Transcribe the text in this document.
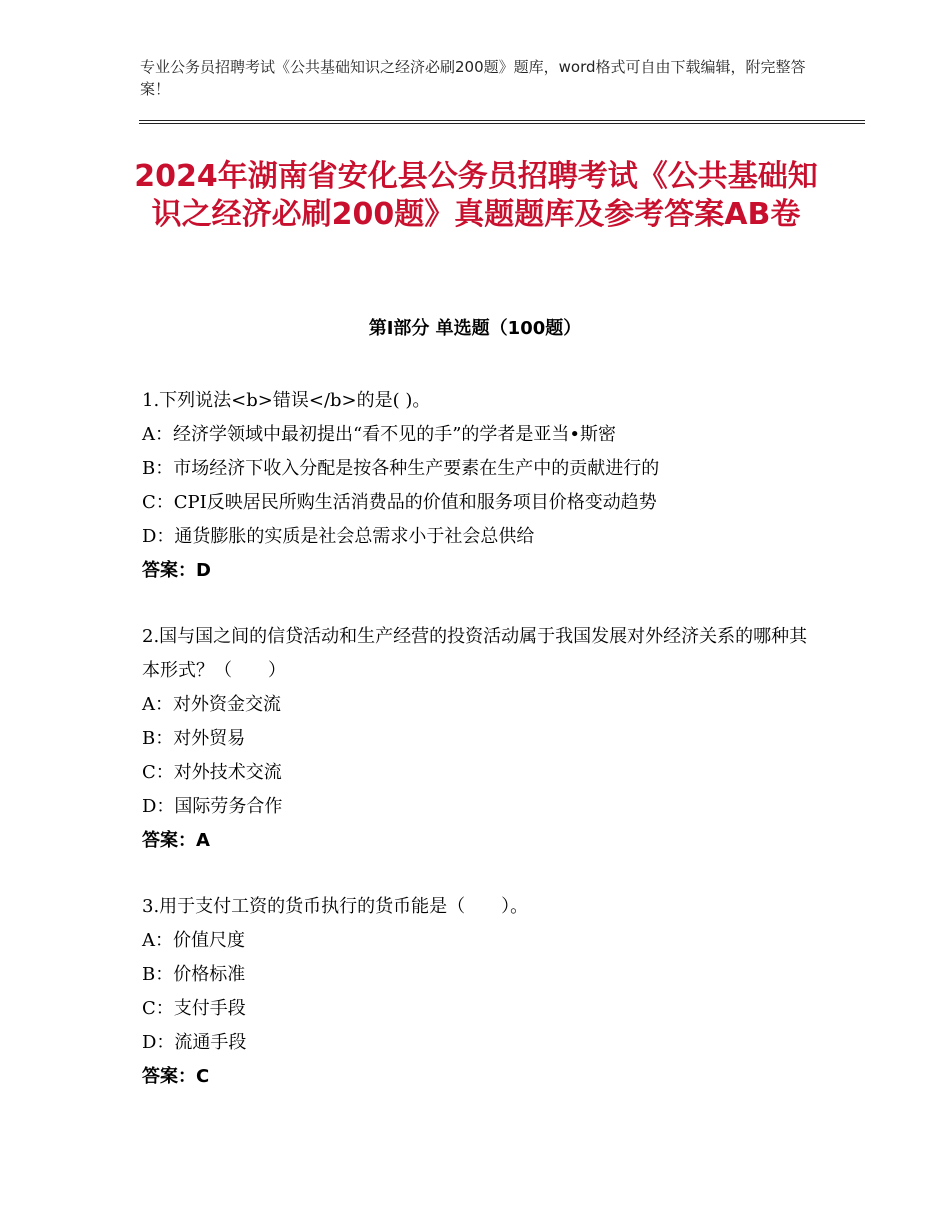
专业公务员招聘考试《公共基础知识之经济必刷200题》题库，word格式可自由下载编辑，附完整答案！
2024年湖南省安化县公务员招聘考试《公共基础知识之经济必刷200题》真题题库及参考答案AB卷
第Ⅰ部分 单选题（100题）

1.下列说法<b>错误</b>的是( )。

A：经济学领域中最初提出“看不见的手”的学者是亚当•斯密

B：市场经济下收入分配是按各种生产要素在生产中的贡献进行的

C：CPI反映居民所购生活消费品的价值和服务项目价格变动趋势

D：通货膨胀的实质是社会总需求小于社会总供给

答案：D

2.国与国之间的信贷活动和生产经营的投资活动属于我国发展对外经济关系的哪种其本形式？（　　）

A：对外资金交流

B：对外贸易

C：对外技术交流

D：国际劳务合作

答案：A

3.用于支付工资的货币执行的货币能是（　　）。

A：价值尺度

B：价格标准

C：支付手段

D：流通手段

答案：C
